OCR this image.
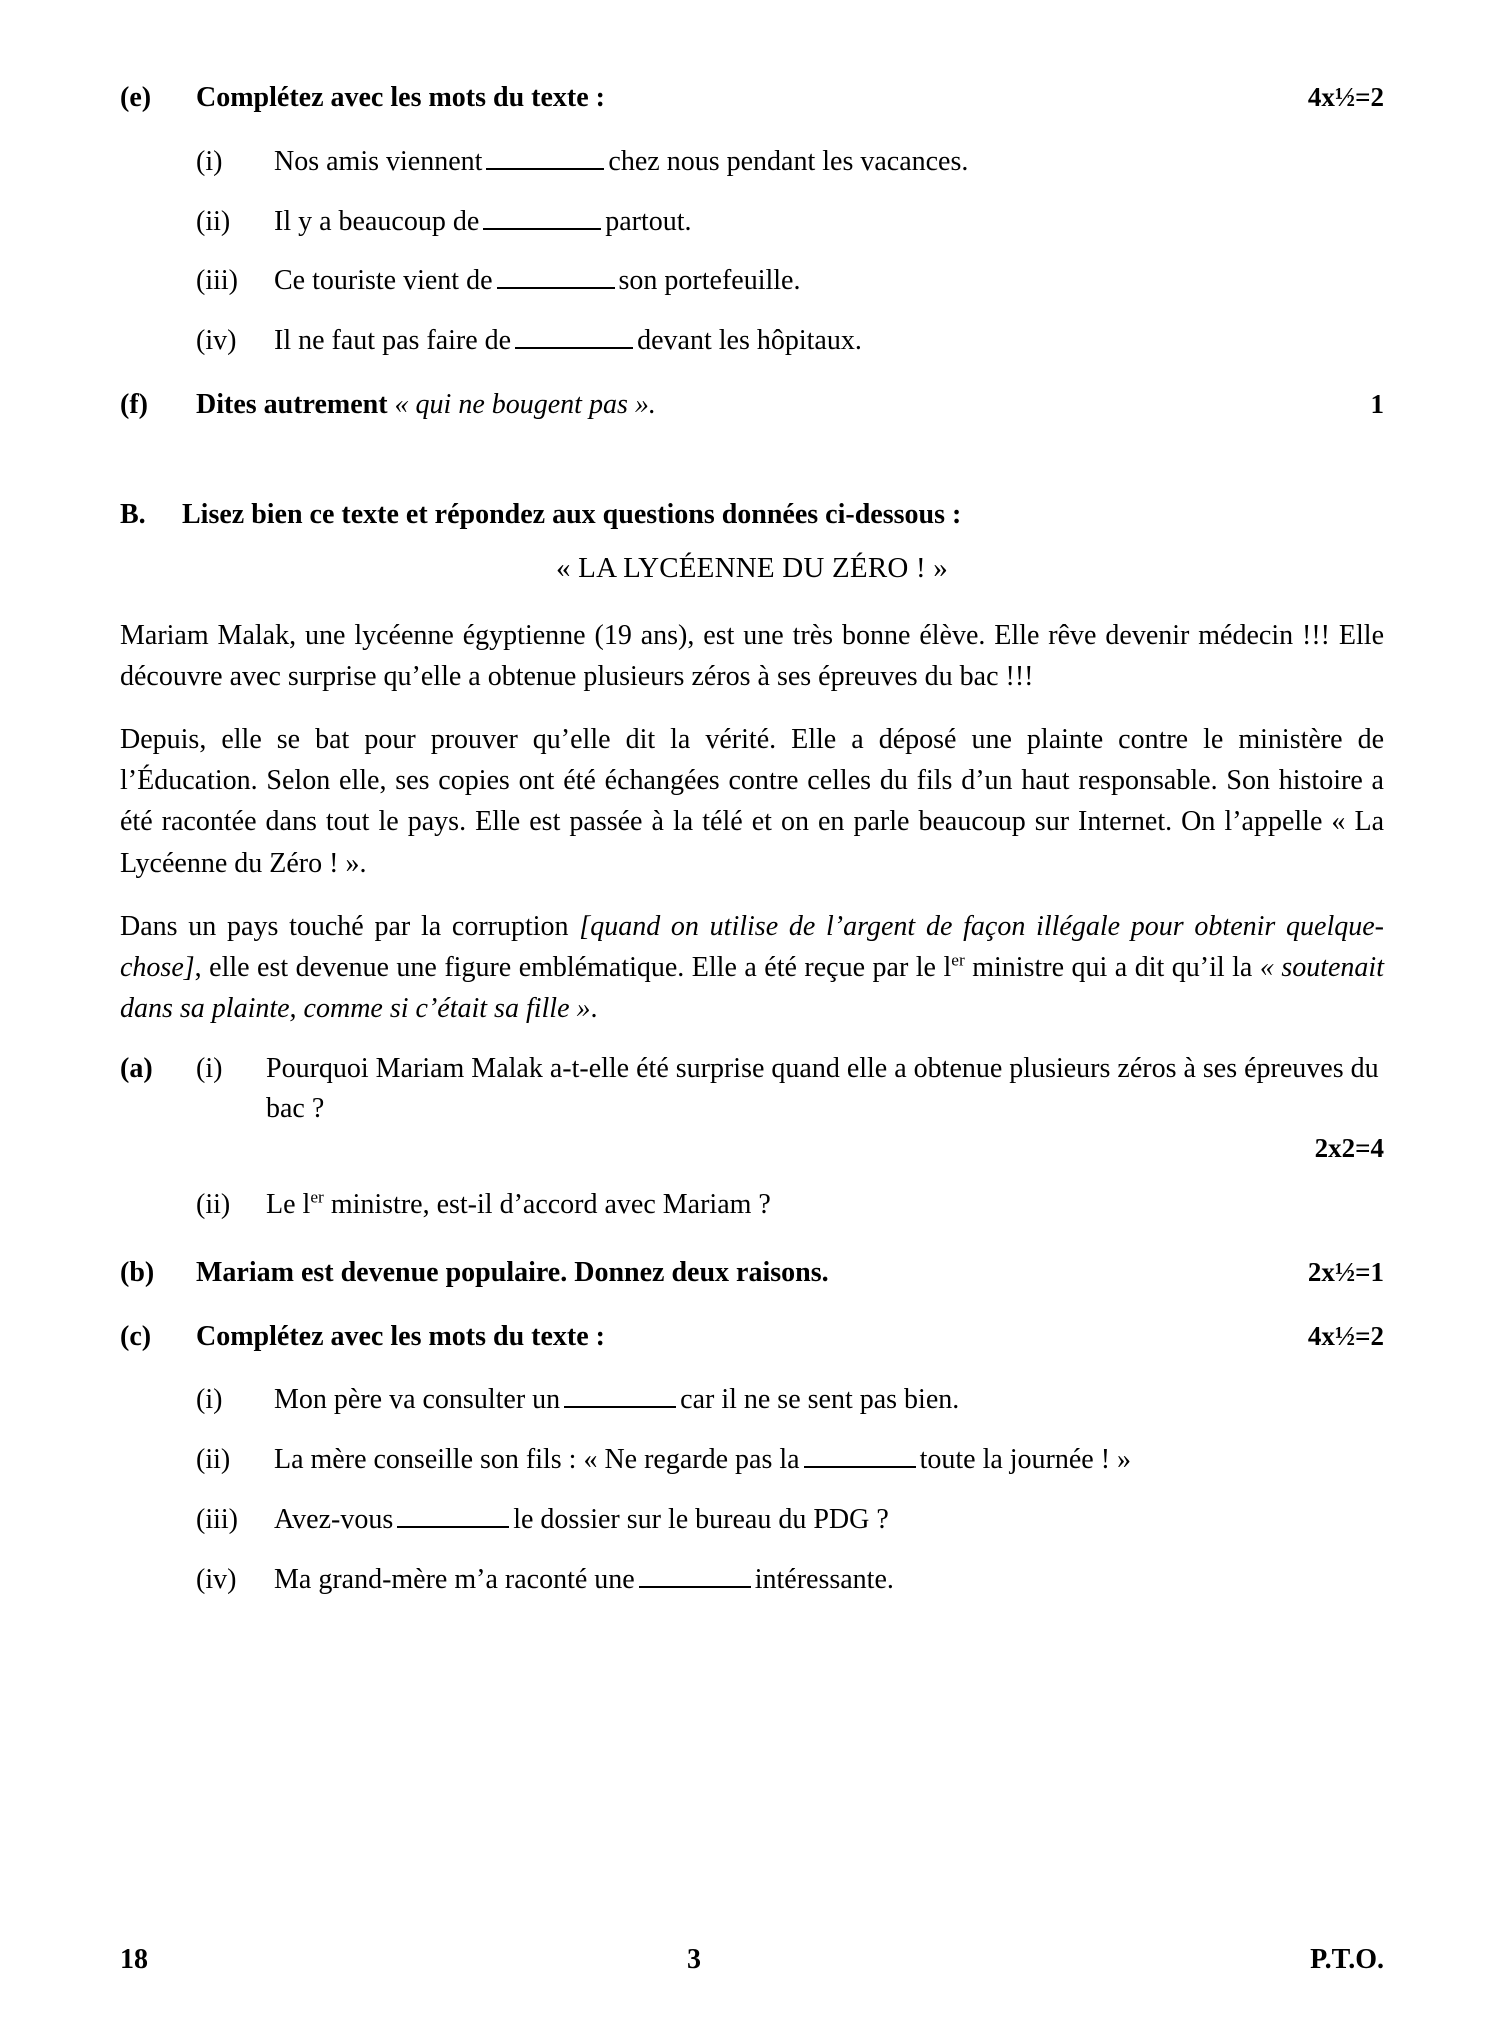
(e)	Complétez avec les mots du texte :	4x½=2
(i)	Nos amis viennent	chez nous pendant les vacances.
(ii)	Il y a beaucoup de	partout.
(iii)	Ce touriste vient de	son portefeuille.
(iv)	Il ne faut pas faire de	devant les hôpitaux.
(f)	Dites autrement « qui ne bougent pas ».	1
B.	Lisez bien ce texte et répondez aux questions données ci-dessous :
« LA LYCÉENNE DU ZÉRO ! »
Mariam Malak, une lycéenne égyptienne (19 ans), est une très bonne élève. Elle rêve devenir médecin !!! Elle découvre avec surprise qu’elle a obtenue plusieurs zéros à ses épreuves du bac !!!
Depuis, elle se bat pour prouver qu’elle dit la vérité. Elle a déposé une plainte contre le ministère de l’Éducation. Selon elle, ses copies ont été échangées contre celles du fils d’un haut responsable. Son histoire a été racontée dans tout le pays. Elle est passée à la télé et on en parle beaucoup sur Internet. On l’appelle « La Lycéenne du Zéro ! ».
Dans un pays touché par la corruption [quand on utilise de l’argent de façon illégale pour obtenir quelque-chose], elle est devenue une figure emblématique. Elle a été reçue par le $l^{er}$ ministre qui a dit qu’il la « soutenait dans sa plainte, comme si c’était sa fille ».
(a)	(i)	Pourquoi Mariam Malak a-t-elle été surprise quand elle a obtenue plusieurs zéros à ses épreuves du bac ?
2x2=4
(ii)	Le $l^{er}$ ministre, est-il d’accord avec Mariam ?
(b)	Mariam est devenue populaire. Donnez deux raisons.	2x½=1
(c)	Complétez avec les mots du texte :	4x½=2
(i)	Mon père va consulter un	car il ne se sent pas bien.
(ii)	La mère conseille son fils : « Ne regarde pas la	toute la journée ! »
(iii)	Avez-vous	le dossier sur le bureau du PDG ?
(iv)	Ma grand-mère m’a raconté une	intéressante.
18	3	P.T.O.
